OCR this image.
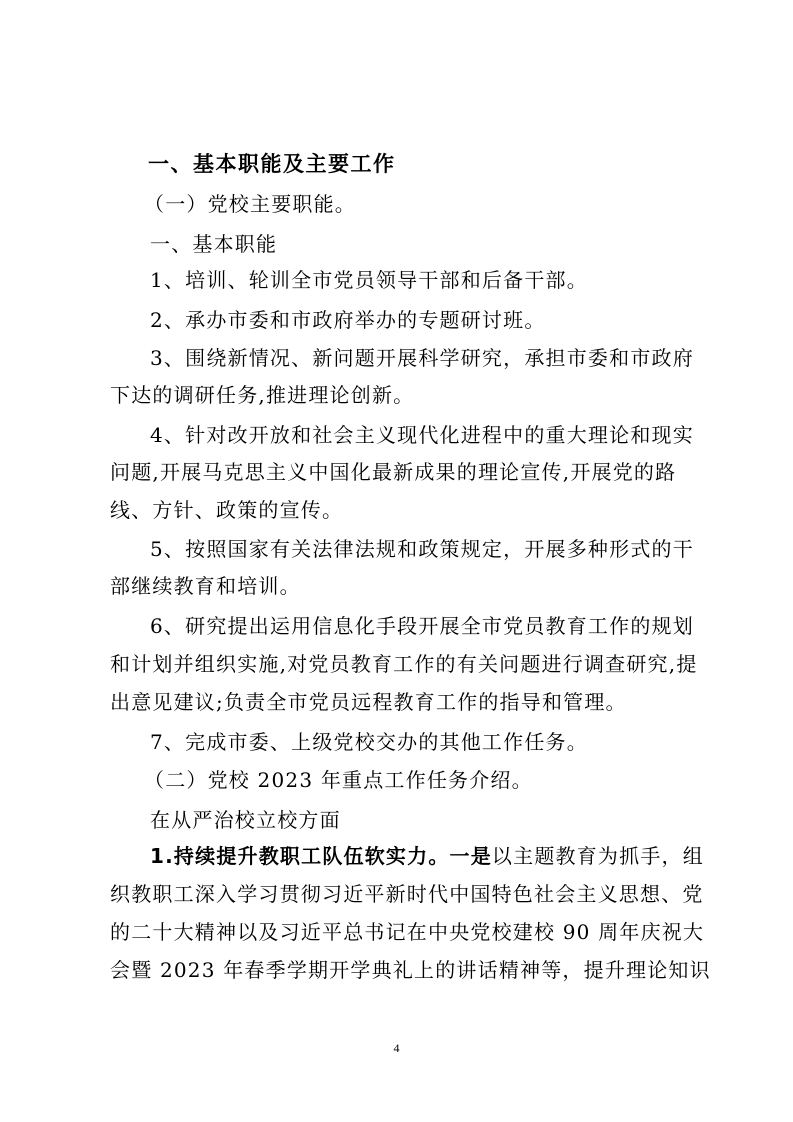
一、基本职能及主要工作
（一）党校主要职能。
一、基本职能
1、培训、轮训全市党员领导干部和后备干部。
2、承办市委和市政府举办的专题研讨班。
3、围绕新情况、新问题开展科学研究，承担市委和市政府
下达的调研任务,推进理论创新。
4、针对改开放和社会主义现代化进程中的重大理论和现实
问题,开展马克思主义中国化最新成果的理论宣传,开展党的路
线、方针、政策的宣传。
5、按照国家有关法律法规和政策规定，开展多种形式的干
部继续教育和培训。
6、研究提出运用信息化手段开展全市党员教育工作的规划
和计划并组织实施,对党员教育工作的有关问题进行调查研究,提
出意见建议;负责全市党员远程教育工作的指导和管理。
7、完成市委、上级党校交办的其他工作任务。
（二）党校 2023 年重点工作任务介绍。
在从严治校立校方面
1.持续提升教职工队伍软实力。一是以主题教育为抓手，组
织教职工深入学习贯彻习近平新时代中国特色社会主义思想、党
的二十大精神以及习近平总书记在中央党校建校 90 周年庆祝大
会暨 2023 年春季学期开学典礼上的讲话精神等，提升理论知识
4
